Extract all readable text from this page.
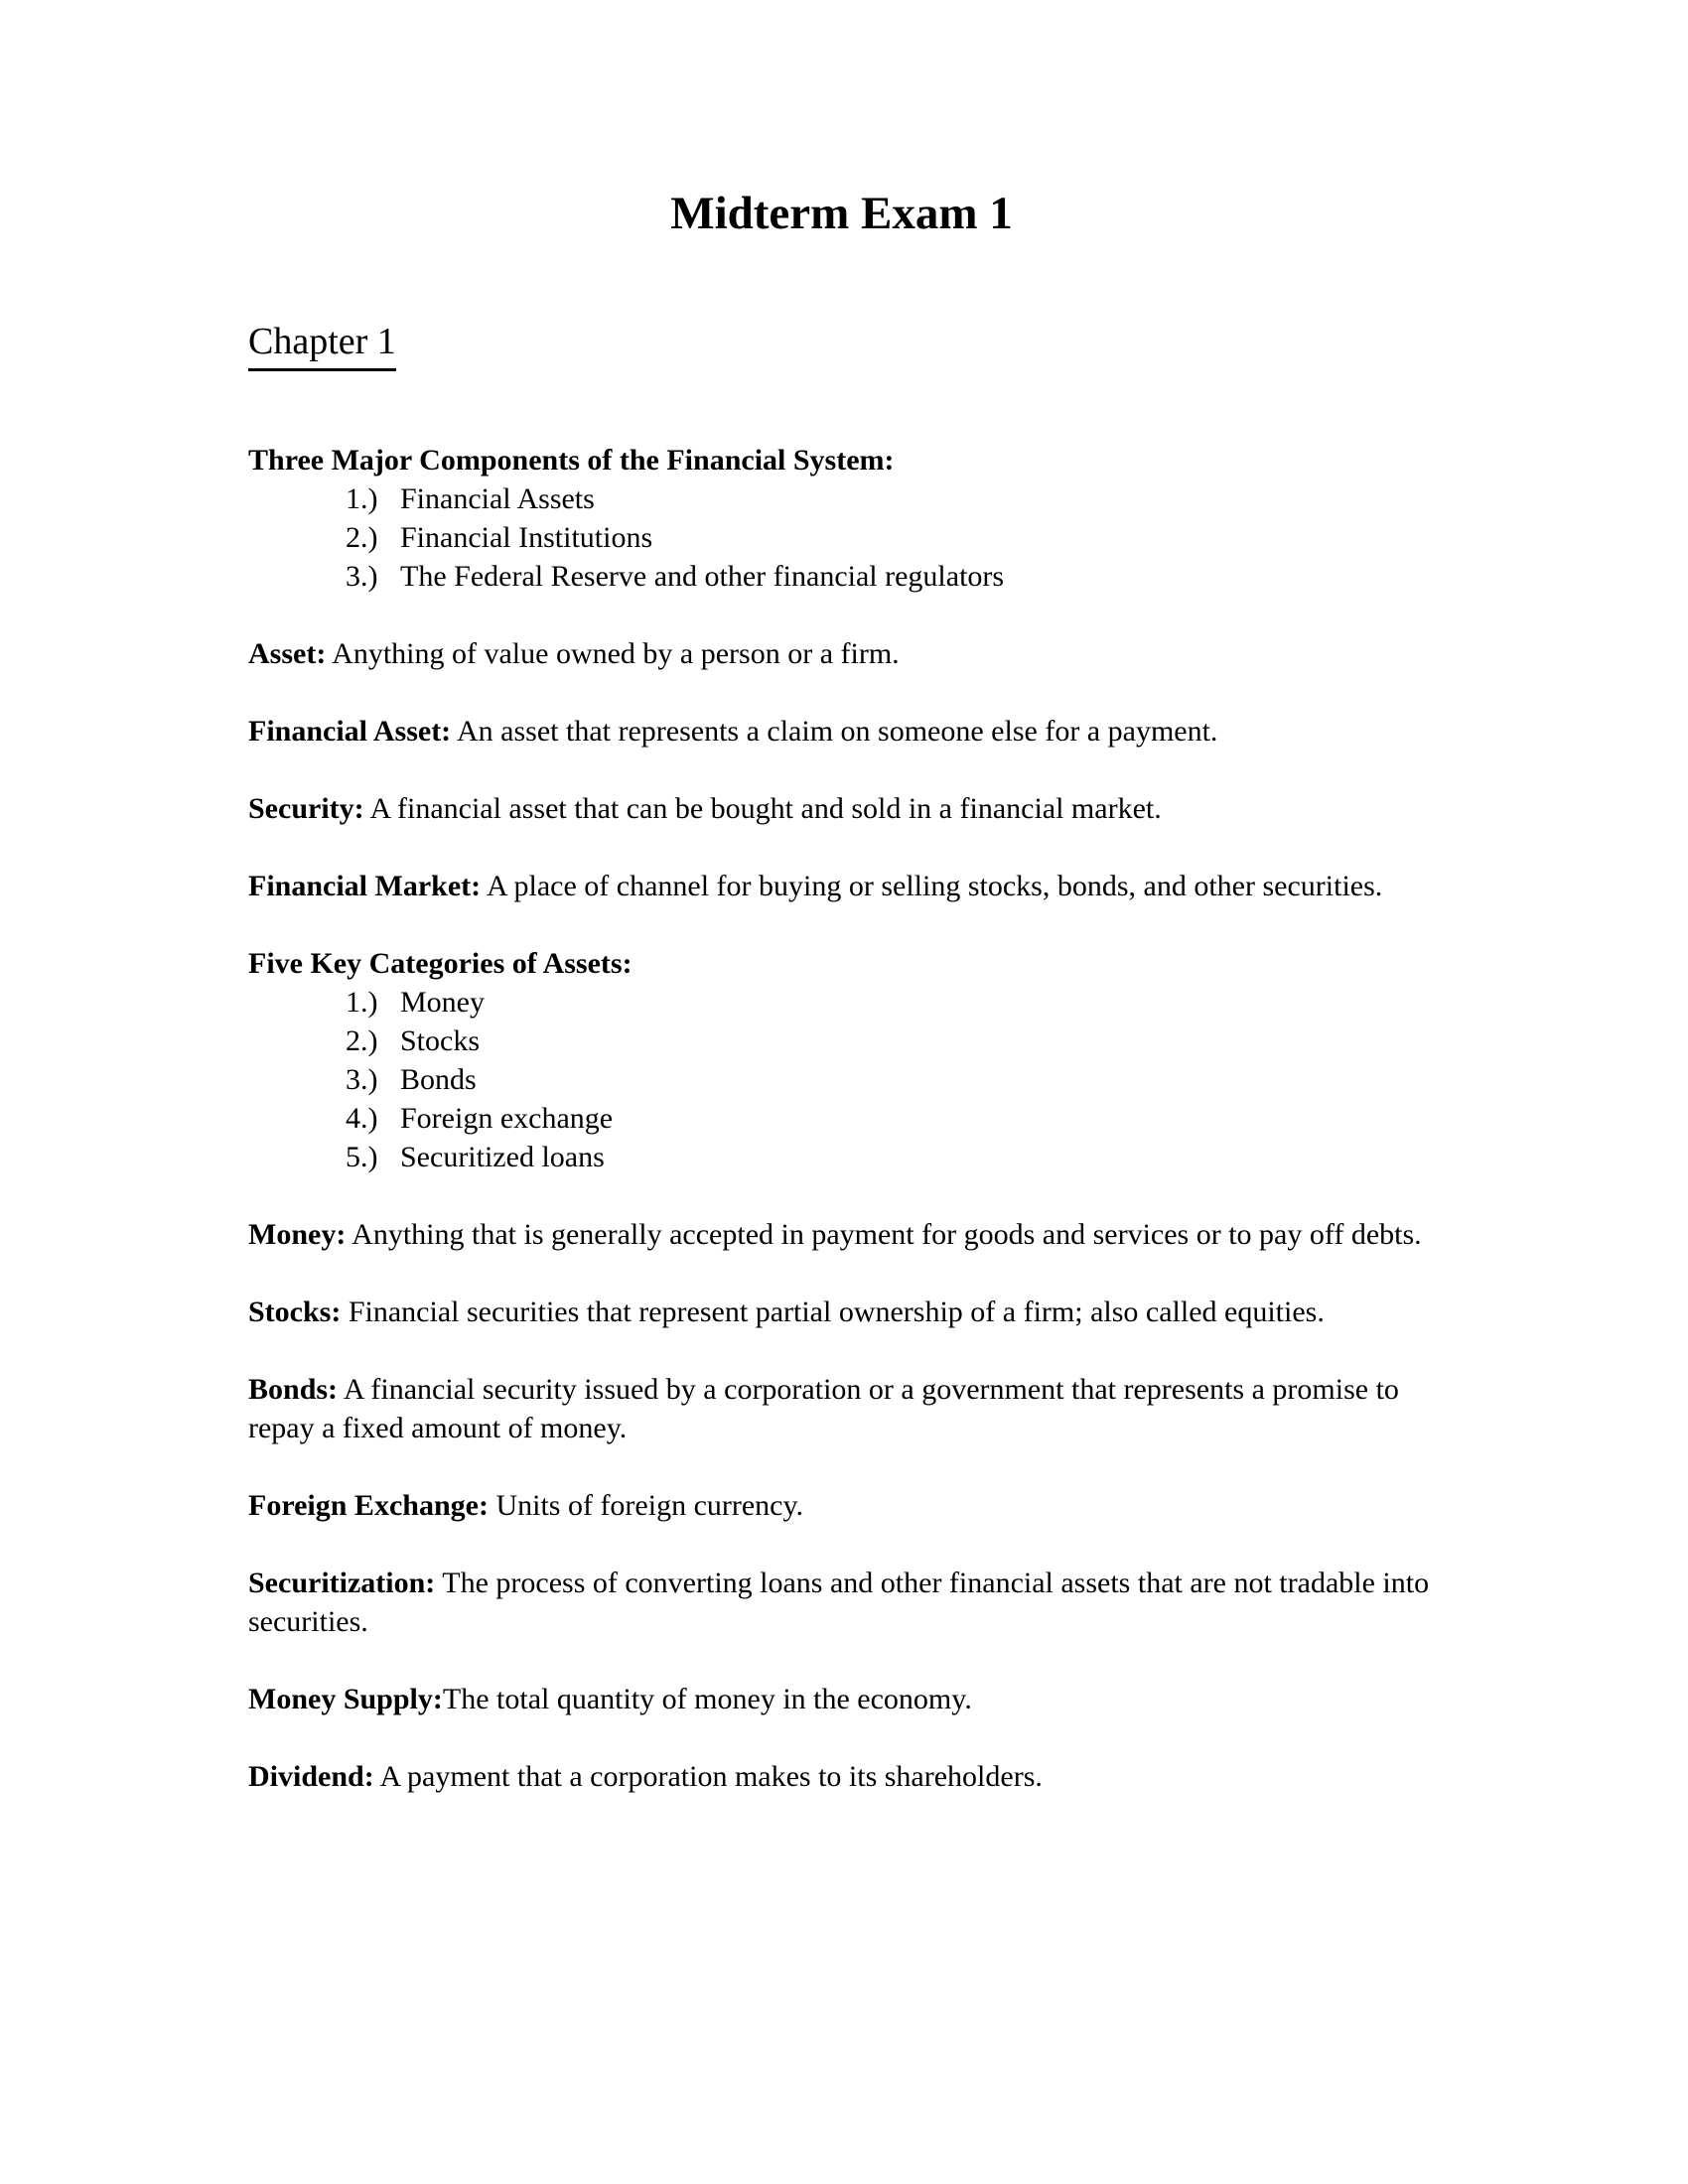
Midterm Exam 1
Chapter 1

Three Major Components of the Financial System:

1.) Financial Assets
2.) Financial Institutions
3.) The Federal Reserve and other financial regulators

Asset: Anything of value owned by a person or a firm.

Financial Asset: An asset that represents a claim on someone else for a payment.

Security: A financial asset that can be bought and sold in a financial market.

Financial Market: A place of channel for buying or selling stocks, bonds, and other securities.

Five Key Categories of Assets:

1.) Money
2.) Stocks
3.) Bonds
4.) Foreign exchange
5.) Securitized loans

Money: Anything that is generally accepted in payment for goods and services or to pay off debts.

Stocks: Financial securities that represent partial ownership of a firm; also called equities.

Bonds: A financial security issued by a corporation or a government that represents a promise to repay a fixed amount of money.

Foreign Exchange: Units of foreign currency.

Securitization: The process of converting loans and other financial assets that are not tradable into securities.

Money Supply:The total quantity of money in the economy.

Dividend: A payment that a corporation makes to its shareholders.
